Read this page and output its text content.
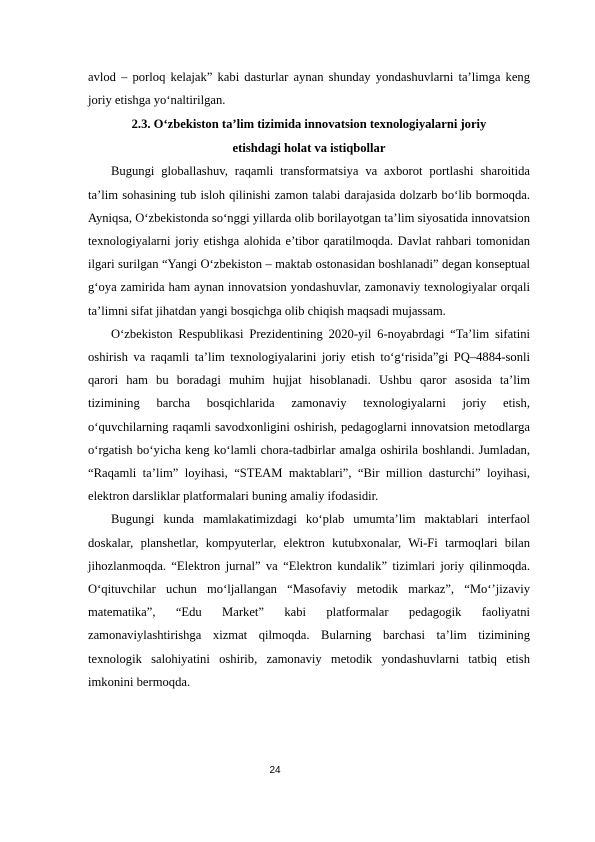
avlod – porloq kelajak” kabi dasturlar aynan shunday yondashuvlarni ta’limga keng joriy etishga yo‘naltirilgan.

2.3. O‘zbekiston ta’lim tizimida innovatsion texnologiyalarni joriy
etishdagi holat va istiqbollar

Bugungi globallashuv, raqamli transformatsiya va axborot portlashi sharoitida ta’lim sohasining tub isloh qilinishi zamon talabi darajasida dolzarb bo‘lib bormoqda. Ayniqsa, O‘zbekistonda so‘nggi yillarda olib borilayotgan ta’lim siyosatida innovatsion texnologiyalarni joriy etishga alohida e’tibor qaratilmoqda. Davlat rahbari tomonidan ilgari surilgan “Yangi O‘zbekiston – maktab ostonasidan boshlanadi” degan konseptual g‘oya zamirida ham aynan innovatsion yondashuvlar, zamonaviy texnologiyalar orqali ta’limni sifat jihatdan yangi bosqichga olib chiqish maqsadi mujassam.

O‘zbekiston Respublikasi Prezidentining 2020-yil 6-noyabrdagi “Ta’lim sifatini oshirish va raqamli ta’lim texnologiyalarini joriy etish to‘g‘risida”gi PQ–4884-sonli qarori ham bu boradagi muhim hujjat hisoblanadi. Ushbu qaror asosida ta’lim tizimining barcha bosqichlarida zamonaviy texnologiyalarni joriy etish, o‘quvchilarning raqamli savodxonligini oshirish, pedagoglarni innovatsion metodlarga o‘rgatish bo‘yicha keng ko‘lamli chora-tadbirlar amalga oshirila boshlandi. Jumladan, “Raqamli ta’lim” loyihasi, “STEAM maktablari”, “Bir million dasturchi” loyihasi, elektron darsliklar platformalari buning amaliy ifodasidir.

Bugungi kunda mamlakatimizdagi ko‘plab umumta’lim maktablari interfaol doskalar, planshetlar, kompyuterlar, elektron kutubxonalar, Wi-Fi tarmoqlari bilan jihozlanmoqda. “Elektron jurnal” va “Elektron kundalik” tizimlari joriy qilinmoqda. O‘qituvchilar uchun mo‘ljallangan “Masofaviy metodik markaz”, “Mo‘’jizaviy matematika”, “Edu Market” kabi platformalar pedagogik faoliyatni zamonaviylashtirishga xizmat qilmoqda. Bularning barchasi ta’lim tizimining texnologik salohiyatini oshirib, zamonaviy metodik yondashuvlarni tatbiq etish imkonini bermoqda.

24
